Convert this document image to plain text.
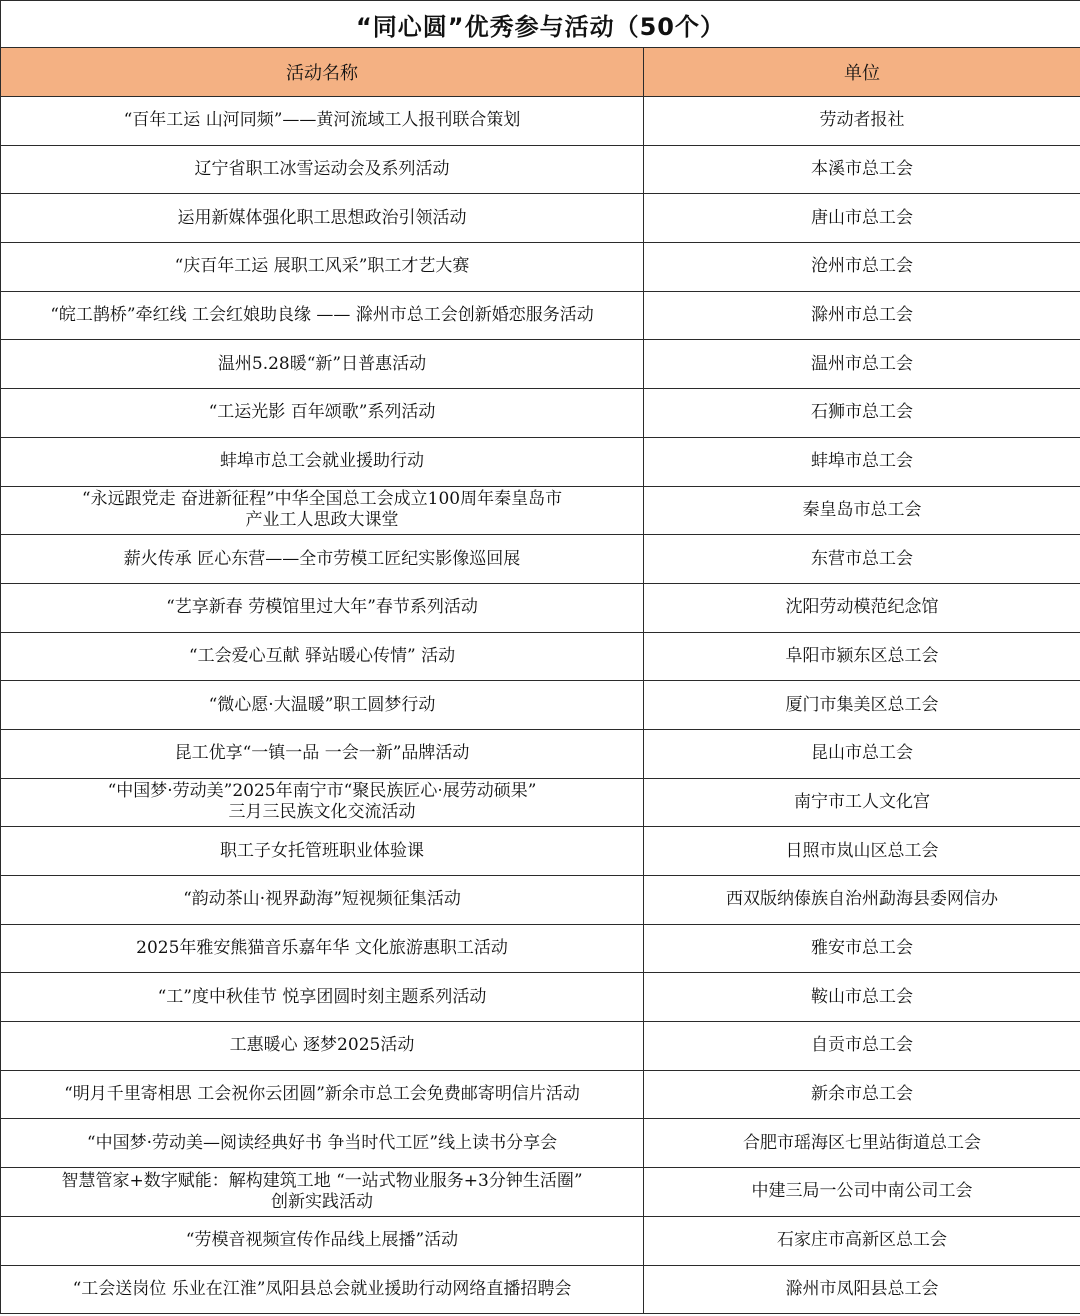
“同心圆”优秀参与活动（50个）	
活动名称	单位
“百年工运 山河同频”——黄河流域工人报刊联合策划	劳动者报社
辽宁省职工冰雪运动会及系列活动	本溪市总工会
运用新媒体强化职工思想政治引领活动	唐山市总工会
“庆百年工运 展职工风采”职工才艺大赛	沧州市总工会
“皖工鹊桥”牵红线 工会红娘助良缘 —— 滁州市总工会创新婚恋服务活动	滁州市总工会
温州5.28暖“新”日普惠活动	温州市总工会
“工运光影 百年颂歌”系列活动	石狮市总工会
蚌埠市总工会就业援助行动	蚌埠市总工会
“永远跟党走 奋进新征程”中华全国总工会成立100周年秦皇岛市
产业工人思政大课堂	秦皇岛市总工会
薪火传承 匠心东营——全市劳模工匠纪实影像巡回展	东营市总工会
“艺享新春 劳模馆里过大年”春节系列活动	沈阳劳动模范纪念馆
“工会爱心互献 驿站暖心传情” 活动	阜阳市颍东区总工会
“微心愿·大温暖”职工圆梦行动	厦门市集美区总工会
昆工优享“一镇一品 一会一新”品牌活动	昆山市总工会
“中国梦·劳动美”2025年南宁市“聚民族匠心·展劳动硕果”
三月三民族文化交流活动	南宁市工人文化宫
职工子女托管班职业体验课	日照市岚山区总工会
“韵动茶山·视界勐海”短视频征集活动	西双版纳傣族自治州勐海县委网信办
2025年雅安熊猫音乐嘉年华 文化旅游惠职工活动	雅安市总工会
“工”度中秋佳节 悦享团圆时刻主题系列活动	鞍山市总工会
工惠暖心 逐梦2025活动	自贡市总工会
“明月千里寄相思 工会祝你云团圆”新余市总工会免费邮寄明信片活动	新余市总工会
“中国梦·劳动美—阅读经典好书 争当时代工匠”线上读书分享会	合肥市瑶海区七里站街道总工会
智慧管家+数字赋能：解构建筑工地 “一站式物业服务+3分钟生活圈”
创新实践活动	中建三局一公司中南公司工会
“劳模音视频宣传作品线上展播”活动	石家庄市高新区总工会
“工会送岗位 乐业在江淮”凤阳县总会就业援助行动网络直播招聘会	滁州市凤阳县总工会
